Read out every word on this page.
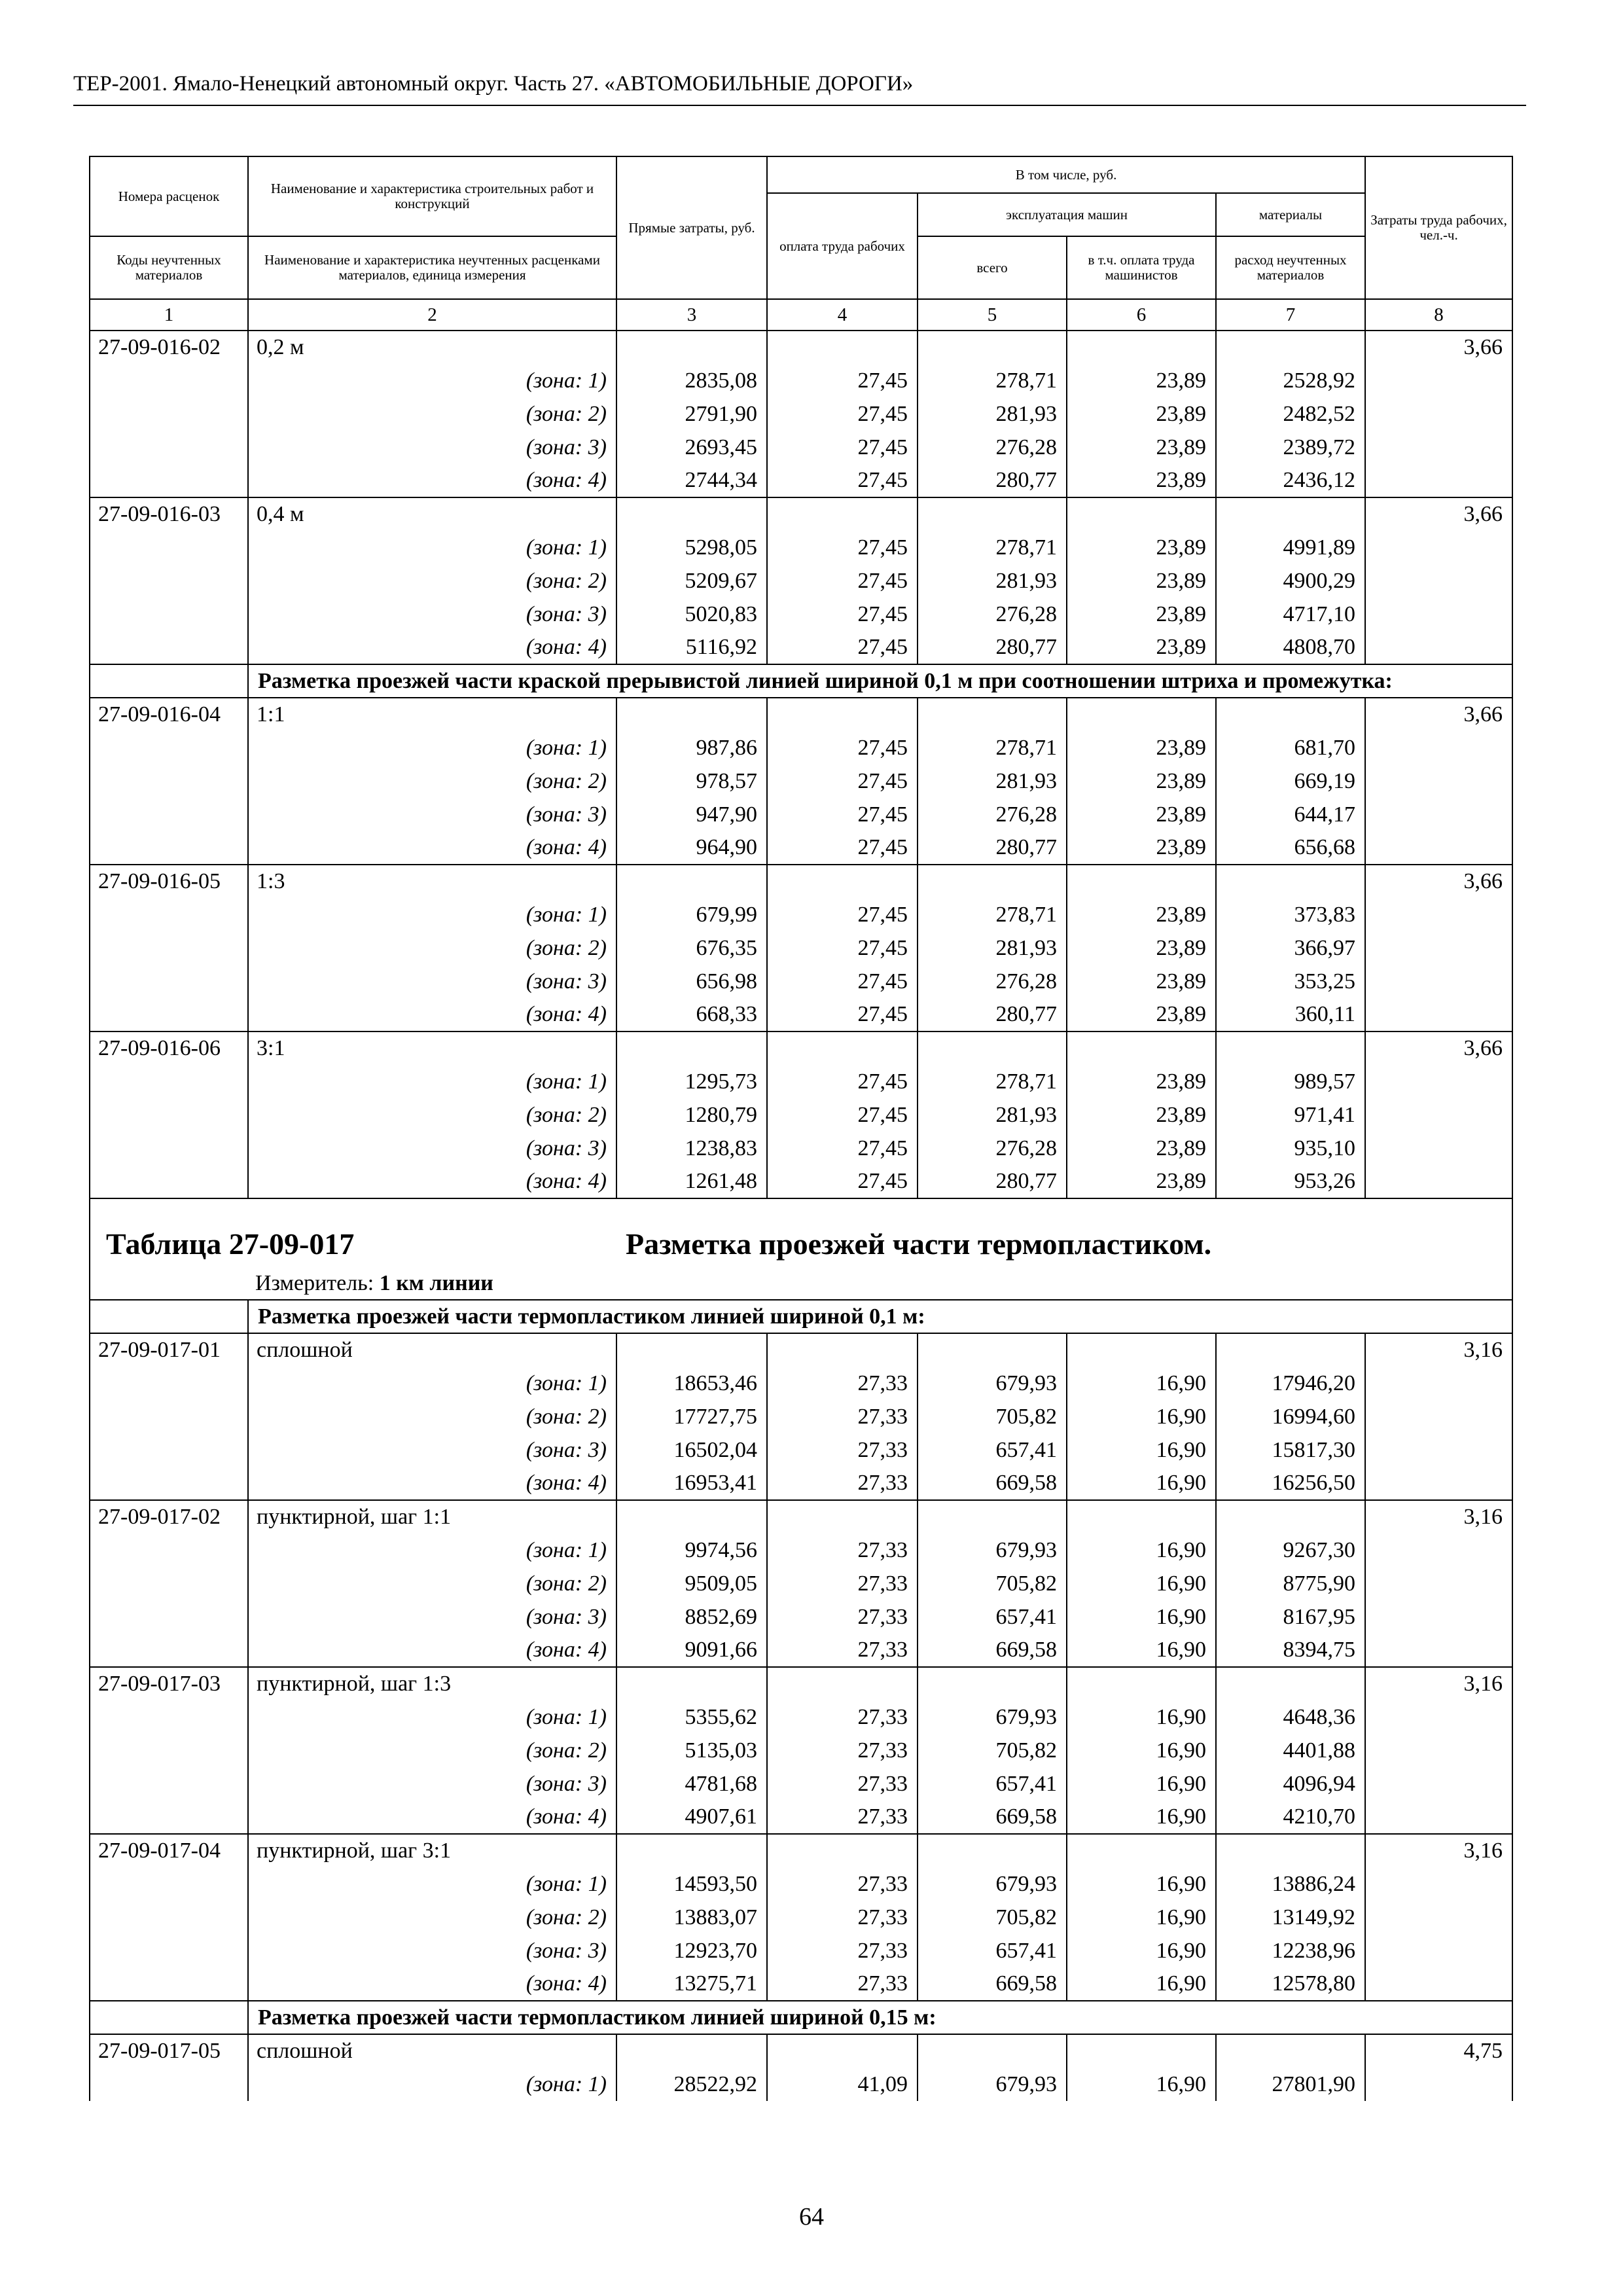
ТЕР-2001. Ямало-Ненецкий автономный округ. Часть 27. «АВТОМОБИЛЬНЫЕ ДОРОГИ»
Номера расценок	Наименование и характеристика строительных работ и конструкций	Прямые затраты, руб.	В том числе, руб.				Затраты труда рабочих, чел.-ч.
			оплата труда рабочих	эксплуатация машин		материалы	
Коды неучтенных материалов	Наименование и характеристика неучтенных расценками материалов, единица измерения			всего	в т.ч. оплата труда машинистов	расход неучтенных материалов	
1	2	3	4	5	6	7	8
27-09-016-02	0,2 м						3,66
	(зона: 1)	2835,08	27,45	278,71	23,89	2528,92	
	(зона: 2)	2791,90	27,45	281,93	23,89	2482,52	
	(зона: 3)	2693,45	27,45	276,28	23,89	2389,72	
	(зона: 4)	2744,34	27,45	280,77	23,89	2436,12	
27-09-016-03	0,4 м						3,66
	(зона: 1)	5298,05	27,45	278,71	23,89	4991,89	
	(зона: 2)	5209,67	27,45	281,93	23,89	4900,29	
	(зона: 3)	5020,83	27,45	276,28	23,89	4717,10	
	(зона: 4)	5116,92	27,45	280,77	23,89	4808,70	
	Разметка проезжей части краской прерывистой линией шириной 0,1 м при соотношении штриха и промежутка:						
27-09-016-04	1:1						3,66
	(зона: 1)	987,86	27,45	278,71	23,89	681,70	
	(зона: 2)	978,57	27,45	281,93	23,89	669,19	
	(зона: 3)	947,90	27,45	276,28	23,89	644,17	
	(зона: 4)	964,90	27,45	280,77	23,89	656,68	
27-09-016-05	1:3						3,66
	(зона: 1)	679,99	27,45	278,71	23,89	373,83	
	(зона: 2)	676,35	27,45	281,93	23,89	366,97	
	(зона: 3)	656,98	27,45	276,28	23,89	353,25	
	(зона: 4)	668,33	27,45	280,77	23,89	360,11	
27-09-016-06	3:1						3,66
	(зона: 1)	1295,73	27,45	278,71	23,89	989,57	
	(зона: 2)	1280,79	27,45	281,93	23,89	971,41	
	(зона: 3)	1238,83	27,45	276,28	23,89	935,10	
	(зона: 4)	1261,48	27,45	280,77	23,89	953,26	

Таблица 27-09-017 Разметка проезжей части термопластиком.
Измеритель: 1 км линии							

	Разметка проезжей части термопластиком линией шириной 0,1 м:						
27-09-017-01	сплошной						3,16
	(зона: 1)	18653,46	27,33	679,93	16,90	17946,20	
	(зона: 2)	17727,75	27,33	705,82	16,90	16994,60	
	(зона: 3)	16502,04	27,33	657,41	16,90	15817,30	
	(зона: 4)	16953,41	27,33	669,58	16,90	16256,50	
27-09-017-02	пунктирной, шаг 1:1						3,16
	(зона: 1)	9974,56	27,33	679,93	16,90	9267,30	
	(зона: 2)	9509,05	27,33	705,82	16,90	8775,90	
	(зона: 3)	8852,69	27,33	657,41	16,90	8167,95	
	(зона: 4)	9091,66	27,33	669,58	16,90	8394,75	
27-09-017-03	пунктирной, шаг 1:3						3,16
	(зона: 1)	5355,62	27,33	679,93	16,90	4648,36	
	(зона: 2)	5135,03	27,33	705,82	16,90	4401,88	
	(зона: 3)	4781,68	27,33	657,41	16,90	4096,94	
	(зона: 4)	4907,61	27,33	669,58	16,90	4210,70	
27-09-017-04	пунктирной, шаг 3:1						3,16
	(зона: 1)	14593,50	27,33	679,93	16,90	13886,24	
	(зона: 2)	13883,07	27,33	705,82	16,90	13149,92	
	(зона: 3)	12923,70	27,33	657,41	16,90	12238,96	
	(зона: 4)	13275,71	27,33	669,58	16,90	12578,80	
	Разметка проезжей части термопластиком линией шириной 0,15 м:						
27-09-017-05	сплошной						4,75
	(зона: 1)	28522,92	41,09	679,93	16,90	27801,90	
64
